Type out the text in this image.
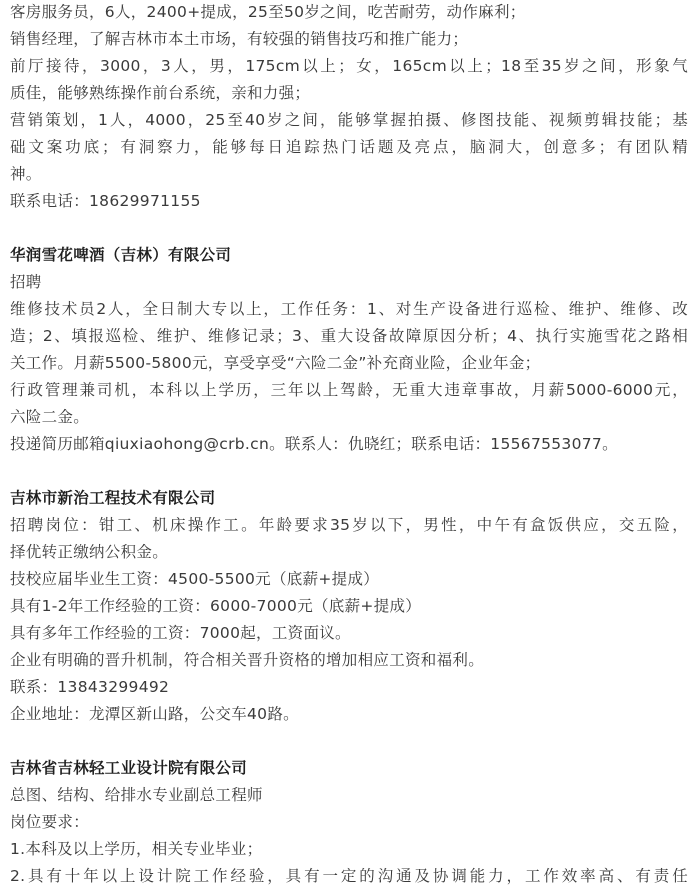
客房服务员，6人，2400+提成，25至50岁之间，吃苦耐劳，动作麻利；
销售经理，了解吉林市本土市场，有较强的销售技巧和推广能力；
前厅接待，3000，3人，男，175cm以上；女，165cm以上；18至35岁之间，形象气
质佳，能够熟练操作前台系统，亲和力强；
营销策划，1人，4000，25至40岁之间，能够掌握拍摄、修图技能、视频剪辑技能；基
础文案功底；有洞察力，能够每日追踪热门话题及亮点，脑洞大，创意多；有团队精
神。
联系电话：18629971155
华润雪花啤酒（吉林）有限公司
招聘
维修技术员2人，全日制大专以上，工作任务：1、对生产设备进行巡检、维护、维修、改
造；2、填报巡检、维护、维修记录；3、重大设备故障原因分析；4、执行实施雪花之路相
关工作。月薪5500-5800元，享受享受“六险二金”补充商业险，企业年金；
行政管理兼司机，本科以上学历，三年以上驾龄，无重大违章事故，月薪5000-6000元，
六险二金。
投递简历邮箱qiuxiaohong@crb.cn。联系人：仇晓红；联系电话：15567553077。
吉林市新治工程技术有限公司
招聘岗位：钳工、机床操作工。年龄要求35岁以下，男性，中午有盒饭供应，交五险，
择优转正缴纳公积金。
技校应届毕业生工资：4500-5500元（底薪+提成）
具有1-2年工作经验的工资：6000-7000元（底薪+提成）
具有多年工作经验的工资：7000起，工资面议。
企业有明确的晋升机制，符合相关晋升资格的增加相应工资和福利。
联系：13843299492
企业地址：龙潭区新山路，公交车40路。
吉林省吉林轻工业设计院有限公司
总图、结构、给排水专业副总工程师
岗位要求：
1.本科及以上学历，相关专业毕业；
2.具有十年以上设计院工作经验，具有一定的沟通及协调能力，工作效率高、有责任
